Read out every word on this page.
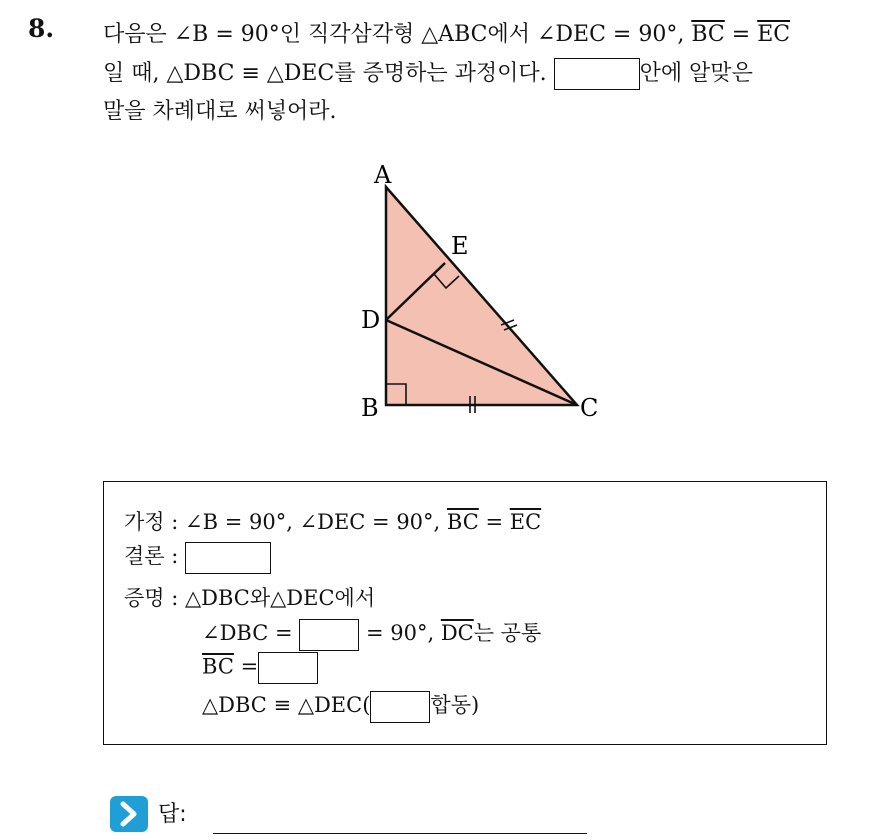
8. 다음은 ∠B = 90°인 직각삼각형 △ABC에서 ∠DEC = 90°, $\overline{BC} = \overline{EC}$
일 때, △DBC ≡ △DEC를 증명하는 과정이다.	안에 알맞은
말을 차례대로 써넣어라.
A
E
D
B	C
가정 : ∠B = 90°, ∠DEC = 90°, $\overline{BC} = \overline{EC}$
결론 :
증명 : △DBC와△DEC에서
∠DBC =	= 90°, $\overline{DC}$는 공통
$\overline{BC}$ =
△DBC ≡ △DEC(	합동)
답:
